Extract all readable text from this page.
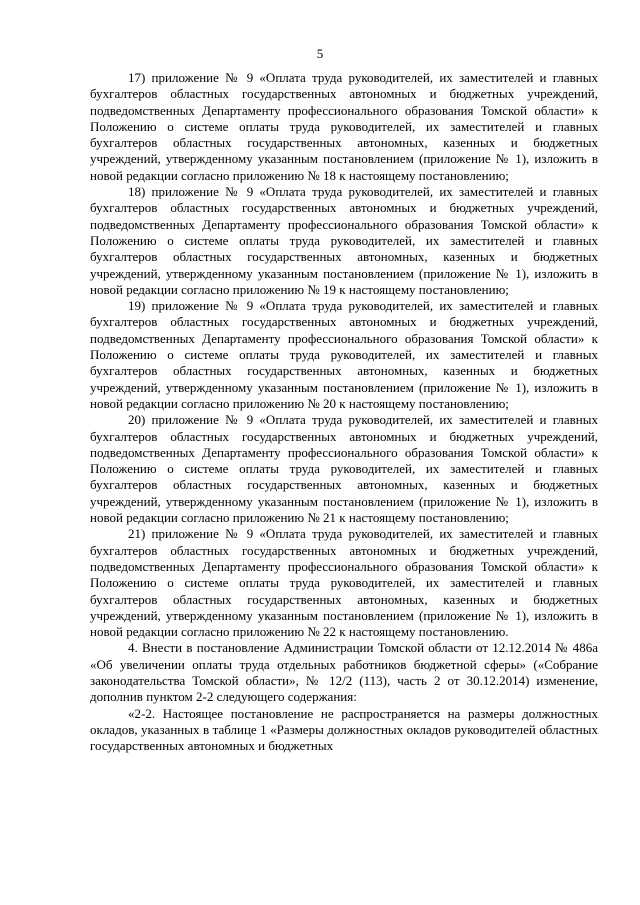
5

17) приложение № 9 «Оплата труда руководителей, их заместителей и главных бухгалтеров областных государственных автономных и бюджетных учреждений, подведомственных Департаменту профессионального образования Томской области» к Положению о системе оплаты труда руководителей, их заместителей и главных бухгалтеров областных государственных автономных, казенных и бюджетных учреждений, утвержденному указанным постановлением (приложение № 1), изложить в новой редакции согласно приложению № 18 к настоящему постановлению;

18) приложение № 9 «Оплата труда руководителей, их заместителей и главных бухгалтеров областных государственных автономных и бюджетных учреждений, подведомственных Департаменту профессионального образования Томской области» к Положению о системе оплаты труда руководителей, их заместителей и главных бухгалтеров областных государственных автономных, казенных и бюджетных учреждений, утвержденному указанным постановлением (приложение № 1), изложить в новой редакции согласно приложению № 19 к настоящему постановлению;

19) приложение № 9 «Оплата труда руководителей, их заместителей и главных бухгалтеров областных государственных автономных и бюджетных учреждений, подведомственных Департаменту профессионального образования Томской области» к Положению о системе оплаты труда руководителей, их заместителей и главных бухгалтеров областных государственных автономных, казенных и бюджетных учреждений, утвержденному указанным постановлением (приложение № 1), изложить в новой редакции согласно приложению № 20 к настоящему постановлению;

20) приложение № 9 «Оплата труда руководителей, их заместителей и главных бухгалтеров областных государственных автономных и бюджетных учреждений, подведомственных Департаменту профессионального образования Томской области» к Положению о системе оплаты труда руководителей, их заместителей и главных бухгалтеров областных государственных автономных, казенных и бюджетных учреждений, утвержденному указанным постановлением (приложение № 1), изложить в новой редакции согласно приложению № 21 к настоящему постановлению;

21) приложение № 9 «Оплата труда руководителей, их заместителей и главных бухгалтеров областных государственных автономных и бюджетных учреждений, подведомственных Департаменту профессионального образования Томской области» к Положению о системе оплаты труда руководителей, их заместителей и главных бухгалтеров областных государственных автономных, казенных и бюджетных учреждений, утвержденному указанным постановлением (приложение № 1), изложить в новой редакции согласно приложению № 22 к настоящему постановлению.

4. Внести в постановление Администрации Томской области от 12.12.2014 № 486а «Об увеличении оплаты труда отдельных работников бюджетной сферы» («Собрание законодательства Томской области», № 12/2 (113), часть 2 от 30.12.2014) изменение, дополнив пунктом 2-2 следующего содержания:

«2-2. Настоящее постановление не распространяется на размеры должностных окладов, указанных в таблице 1 «Размеры должностных окладов руководителей областных государственных автономных и бюджетных
